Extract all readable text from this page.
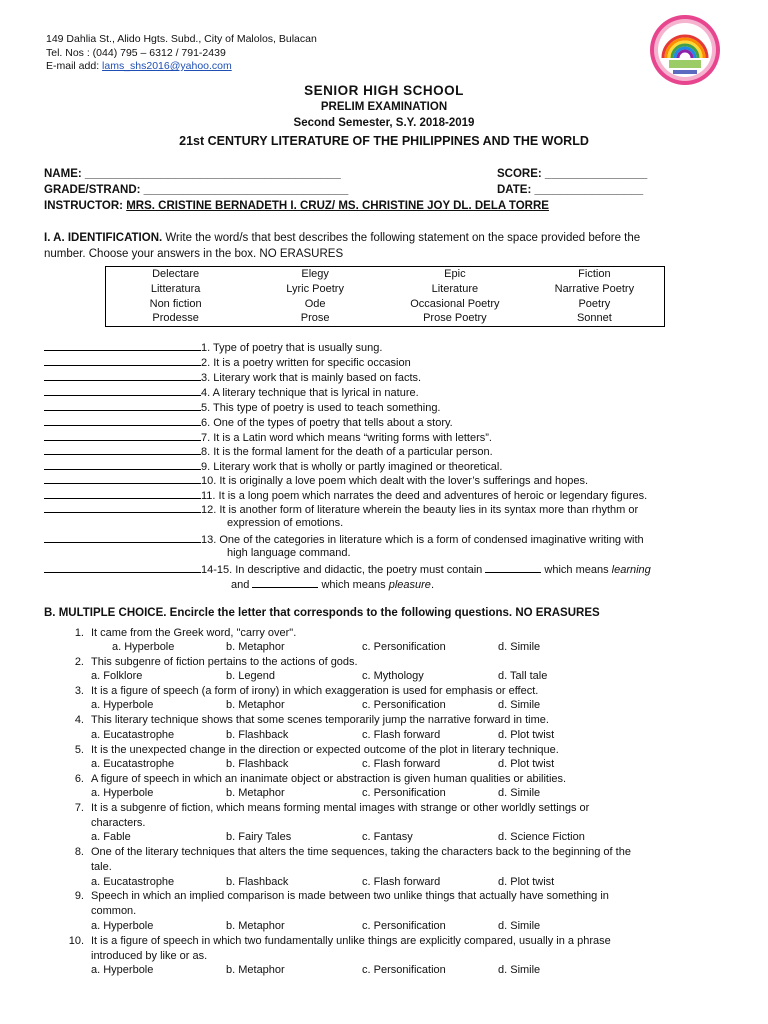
149 Dahlia St., Alido Hgts. Subd., City of Malolos, Bulacan
Tel. Nos : (044) 795 – 6312 / 791-2439
E-mail add: lams_shs2016@yahoo.com
SENIOR HIGH SCHOOL
PRELIM EXAMINATION
Second Semester, S.Y. 2018-2019
21st CENTURY LITERATURE OF THE PHILIPPINES AND THE WORLD
NAME: ________________________________________	SCORE: ________________
GRADE/STRAND: ________________________________	DATE: _________________
INSTRUCTOR: MRS. CRISTINE BERNADETH I. CRUZ/ MS. CHRISTINE JOY DL. DELA TORRE
I. A. IDENTIFICATION. Write the word/s that best describes the following statement on the space provided before the
number. Choose your answers in the box. NO ERASURES
Delectare	Elegy	Epic	Fiction
Litteratura	Lyric Poetry	Literature	Narrative Poetry
Non fiction	Ode	Occasional Poetry	Poetry
Prodesse	Prose	Prose Poetry	Sonnet
1. Type of poetry that is usually sung.
2. It is a poetry written for specific occasion
3. Literary work that is mainly based on facts.
4. A literary technique that is lyrical in nature.
5. This type of poetry is used to teach something.
6. One of the types of poetry that tells about a story.
7. It is a Latin word which means “writing forms with letters”.
8. It is the formal lament for the death of a particular person.
9. Literary work that is wholly or partly imagined or theoretical.
10. It is originally a love poem which dealt with the lover’s sufferings and hopes.
11. It is a long poem which narrates the deed and adventures of heroic or legendary figures.
12. It is another form of literature wherein the beauty lies in its syntax more than rhythm or
expression of emotions.
13. One of the categories in literature which is a form of condensed imaginative writing with
high language command.
14-15. In descriptive and didactic, the poetry must contain	which means learning
and	which means pleasure.
B. MULTIPLE CHOICE. Encircle the letter that corresponds to the following questions. NO ERASURES
1. It came from the Greek word, "carry over".
a. Hyperbole	b. Metaphor	c. Personification	d. Simile
2. This subgenre of fiction pertains to the actions of gods.
a. Folklore	b. Legend	c. Mythology	d. Tall tale
3. It is a figure of speech (a form of irony) in which exaggeration is used for emphasis or effect.
a. Hyperbole	b. Metaphor	c. Personification	d. Simile
4. This literary technique shows that some scenes temporarily jump the narrative forward in time.
a. Eucatastrophe	b. Flashback	c. Flash forward	d. Plot twist
5. It is the unexpected change in the direction or expected outcome of the plot in literary technique.
a. Eucatastrophe	b. Flashback	c. Flash forward	d. Plot twist
6. A figure of speech in which an inanimate object or abstraction is given human qualities or abilities.
a. Hyperbole	b. Metaphor	c. Personification	d. Simile
7. It is a subgenre of fiction, which means forming mental images with strange or other worldly settings or
characters.
a. Fable	b. Fairy Tales	c. Fantasy	d. Science Fiction
8. One of the literary techniques that alters the time sequences, taking the characters back to the beginning of the
tale.
a. Eucatastrophe	b. Flashback	c. Flash forward	d. Plot twist
9. Speech in which an implied comparison is made between two unlike things that actually have something in
common.
a. Hyperbole	b. Metaphor	c. Personification	d. Simile
10. It is a figure of speech in which two fundamentally unlike things are explicitly compared, usually in a phrase
introduced by like or as.
a. Hyperbole	b. Metaphor	c. Personification	d. Simile
